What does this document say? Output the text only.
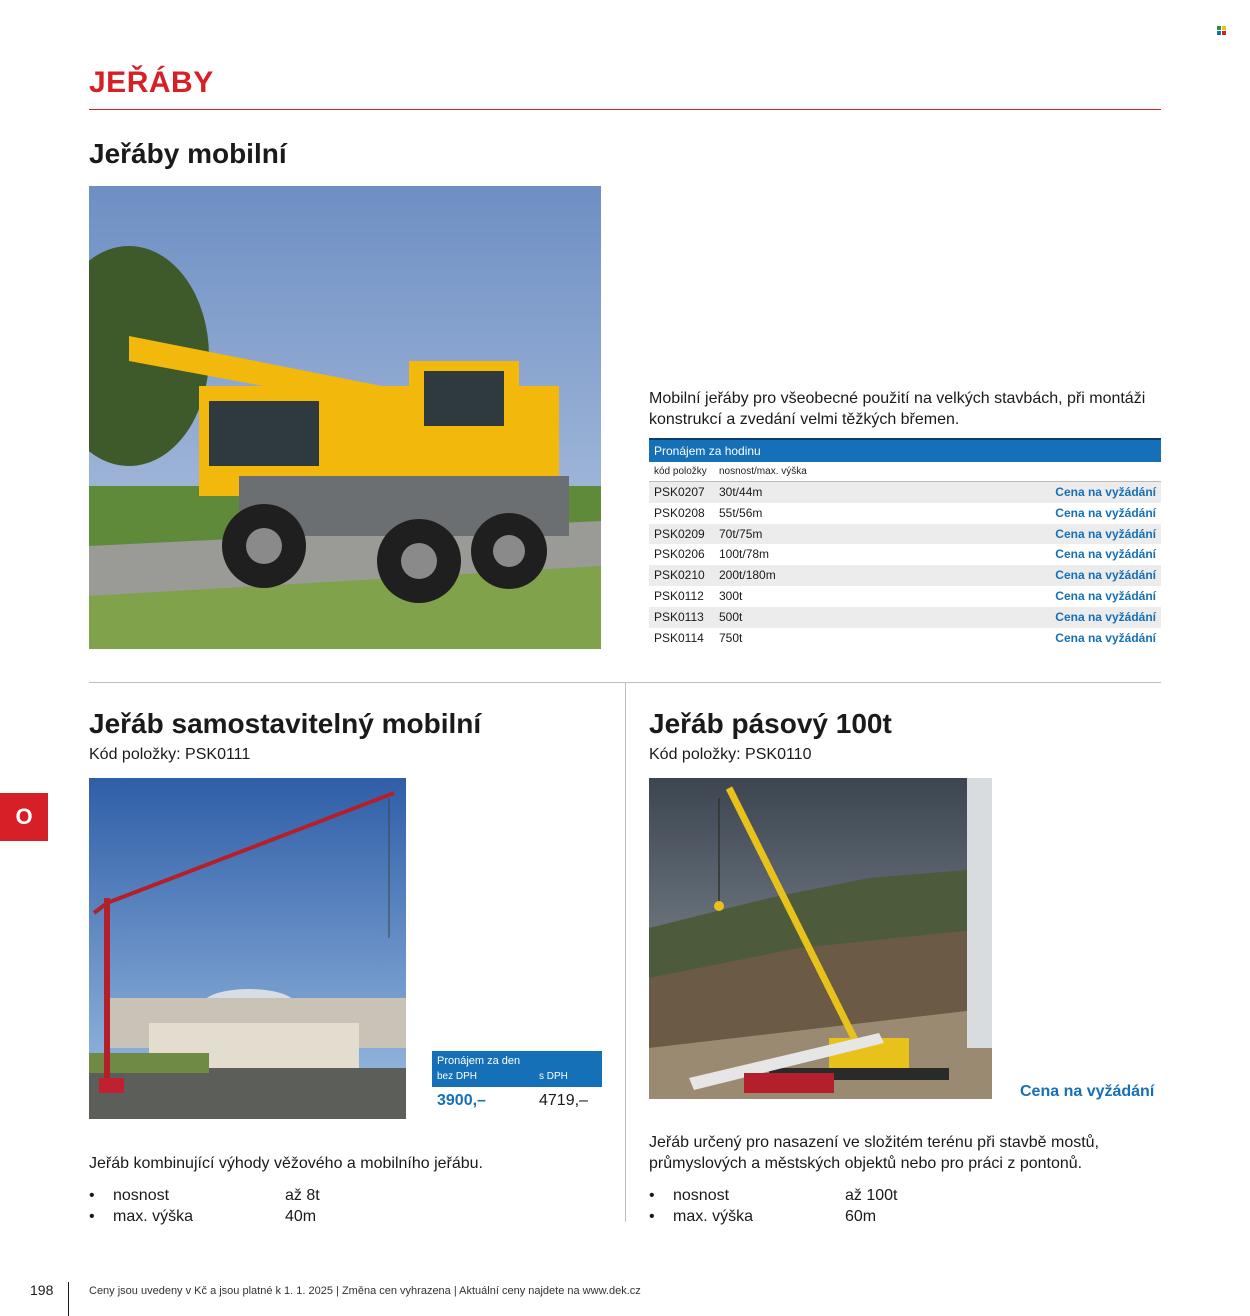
JEŘÁBY
Jeřáby mobilní
Mobilní jeřáby pro všeobecné použití na velkých stavbách, při montáži konstrukcí a zvedání velmi těžkých břemen.
Pronájem za hodinu
kód položky	nosnost/max. výška
PSK0207	30t/44m	Cena na vyžádání
PSK0208	55t/56m	Cena na vyžádání
PSK0209	70t/75m	Cena na vyžádání
PSK0206	100t/78m	Cena na vyžádání
PSK0210	200t/180m	Cena na vyžádání
PSK0112	300t	Cena na vyžádání
PSK0113	500t	Cena na vyžádání
PSK0114	750t	Cena na vyžádání
Jeřáb samostavitelný mobilní
Kód položky: PSK0111
Pronájem za den
bez DPH	s DPH
3900,–	4719,–
Jeřáb kombinující výhody věžového a mobilního jeřábu.
•	nosnost	až 8t
•	max. výška	40m
Jeřáb pásový 100t
Kód položky: PSK0110
Cena na vyžádání
Jeřáb určený pro nasazení ve složitém terénu při stavbě mostů, průmyslových a městských objektů nebo pro práci z pontonů.
•	nosnost	až 100t
•	max. výška	60m
O
198	Ceny jsou uvedeny v Kč a jsou platné k 1. 1. 2025 | Změna cen vyhrazena | Aktuální ceny najdete na www.dek.cz
